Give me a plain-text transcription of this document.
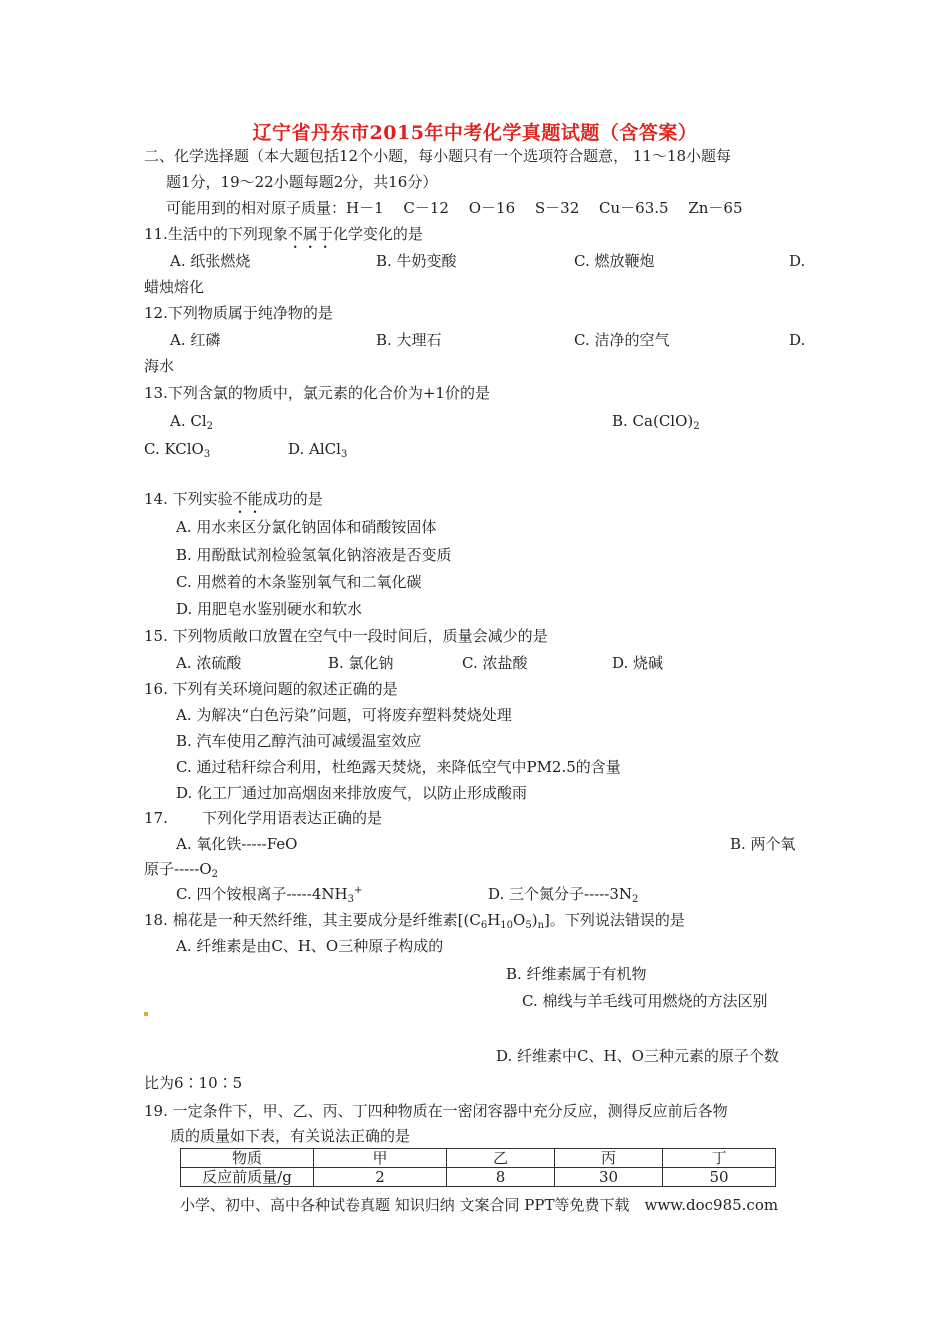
辽宁省丹东市2015年中考化学真题试题（含答案）
二、化学选择题（本大题包括12个小题，每小题只有一个选项符合题意， 11～18小题每
题1分，19～22小题每题2分，共16分）
可能用到的相对原子质量：H－1　 C－12　 O－16　 S－32　 Cu－63.5　 Zn－65
11.生活中的下列现象不属于化学变化的是
A. 纸张燃烧	B. 牛奶变酸	C. 燃放鞭炮	D.
蜡烛熔化
12.下列物质属于纯净物的是
A. 红磷	B. 大理石	C. 洁净的空气	D.
海水
13.下列含氯的物质中，氯元素的化合价为+1价的是
A. $Cl_2$	B. $Ca(ClO)_2$
C. KClO$_3$	D. AlCl$_3$
14. 下列实验不能成功的是
A. 用水来区分氯化钠固体和硝酸铵固体
B. 用酚酞试剂检验氢氧化钠溶液是否变质
C. 用燃着的木条鉴别氧气和二氧化碳
D. 用肥皂水鉴别硬水和软水
15. 下列物质敞口放置在空气中一段时间后，质量会减少的是
A. 浓硫酸	B. 氯化钠	C. 浓盐酸	D. 烧碱
16. 下列有关环境问题的叙述正确的是
A. 为解决“白色污染”问题，可将废弃塑料焚烧处理
B. 汽车使用乙醇汽油可减缓温室效应
C. 通过秸秆综合利用，杜绝露天焚烧，来降低空气中PM2.5的含量
D. 化工厂通过加高烟囱来排放废气，以防止形成酸雨
17. 下列化学用语表达正确的是
A. 氧化铁-----FeO	B. 两个氧
原子$-----O_2$
C. 四个铵根离子$-----4NH_3^+$	D. 三个氮分子$-----3N_2$
18. 棉花是一种天然纤维，其主要成分是纤维素$[(C_6H_{10}O_5)_n]$。下列说法错误的是
A. 纤维素是由C、H、O三种原子构成的
B. 纤维素属于有机物
C. 棉线与羊毛线可用燃烧的方法区别
D. 纤维素中C、H、O三种元素的原子个数
比为6∶10∶5
19. 一定条件下，甲、乙、丙、丁四种物质在一密闭容器中充分反应，测得反应前后各物
质的质量如下表，有关说法正确的是
物质	甲	乙	丙	丁
反应前质量/g	2	8	30	50
小学、初中、高中各种试卷真题 知识归纳 文案合同 PPT等免费下载　www.doc985.com
